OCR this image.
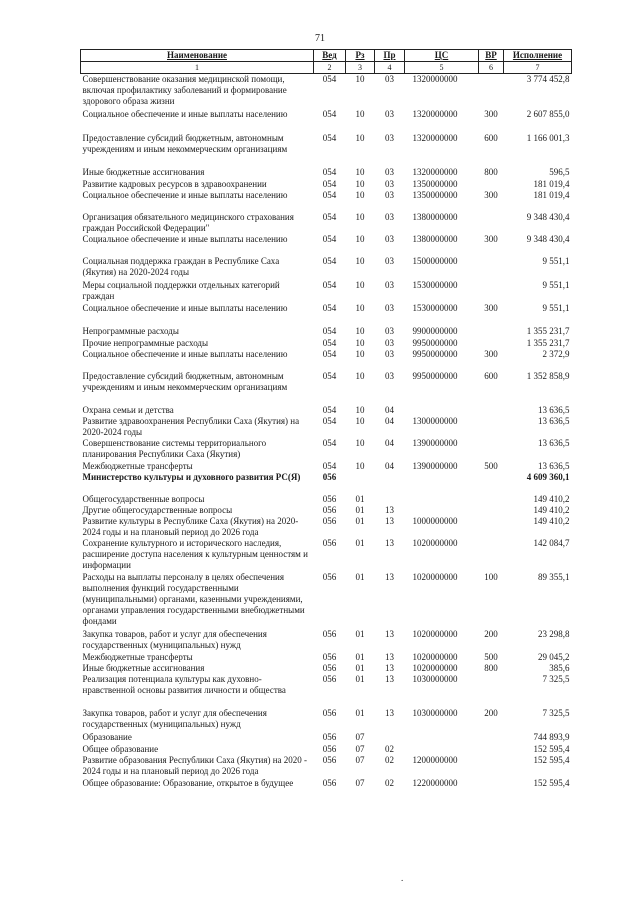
71
Наименование	Вед	Рз	Пр	ЦС	ВР	Исполнение
1	2	3	4	5	6	7
Совершенствование оказания медицинской помощи, включая профилактику заболеваний и формирование здорового образа жизни	054	10	03	1320000000		3 774 452,8
Социальное обеспечение и иные выплаты населению	054	10	03	1320000000	300	2 607 855,0
Предоставление субсидий бюджетным, автономным учреждениям и иным некоммерческим организациям	054	10	03	1320000000	600	1 166 001,3
Иные бюджетные ассигнования	054	10	03	1320000000	800	596,5
Развитие кадровых ресурсов в здравоохранении	054	10	03	1350000000		181 019,4
Социальное обеспечение и иные выплаты населению	054	10	03	1350000000	300	181 019,4
Организация обязательного медицинского страхования граждан Российской Федерации"	054	10	03	1380000000		9 348 430,4
Социальное обеспечение и иные выплаты населению	054	10	03	1380000000	300	9 348 430,4
Социальная поддержка граждан в Республике Саха (Якутия) на 2020-2024 годы	054	10	03	1500000000		9 551,1
Меры социальной поддержки отдельных категорий граждан	054	10	03	1530000000		9 551,1
Социальное обеспечение и иные выплаты населению	054	10	03	1530000000	300	9 551,1
Непрограммные расходы	054	10	03	9900000000		1 355 231,7
Прочие непрограммные расходы	054	10	03	9950000000		1 355 231,7
Социальное обеспечение и иные выплаты населению	054	10	03	9950000000	300	2 372,9
Предоставление субсидий бюджетным, автономным учреждениям и иным некоммерческим организациям	054	10	03	9950000000	600	1 352 858,9
Охрана семьи и детства	054	10	04			13 636,5
Развитие здравоохранения Республики Саха (Якутия) на 2020-2024 годы	054	10	04	1300000000		13 636,5
Совершенствование системы территориального планирования Республики Саха (Якутия)	054	10	04	1390000000		13 636,5
Межбюджетные трансферты	054	10	04	1390000000	500	13 636,5
Министерство культуры и духовного развития РС(Я)	056					4 609 360,1
Общегосударственные вопросы	056	01				149 410,2
Другие общегосударственные вопросы	056	01	13			149 410,2
Развитие культуры в Республике Саха (Якутия) на 2020-2024 годы и на плановый период до 2026 года	056	01	13	1000000000		149 410,2
Сохранение культурного и исторического наследия, расширение доступа населения к культурным ценностям и информации	056	01	13	1020000000		142 084,7
Расходы на выплаты персоналу в целях обеспечения выполнения функций государственными (муниципальными) органами, казенными учреждениями, органами управления государственными внебюджетными фондами	056	01	13	1020000000	100	89 355,1
Закупка товаров, работ и услуг для обеспечения государственных (муниципальных) нужд	056	01	13	1020000000	200	23 298,8
Межбюджетные трансферты	056	01	13	1020000000	500	29 045,2
Иные бюджетные ассигнования	056	01	13	1020000000	800	385,6
Реализация потенциала культуры как духовно-нравственной основы развития личности и общества	056	01	13	1030000000		7 325,5
Закупка товаров, работ и услуг для обеспечения государственных (муниципальных) нужд	056	01	13	1030000000	200	7 325,5
Образование	056	07				744 893,9
Общее образование	056	07	02			152 595,4
Развитие образования Республики Саха (Якутия) на 2020 - 2024 годы и на плановый период до 2026 года	056	07	02	1200000000		152 595,4
Общее образование: Образование, открытое в будущее	056	07	02	1220000000		152 595,4
.
